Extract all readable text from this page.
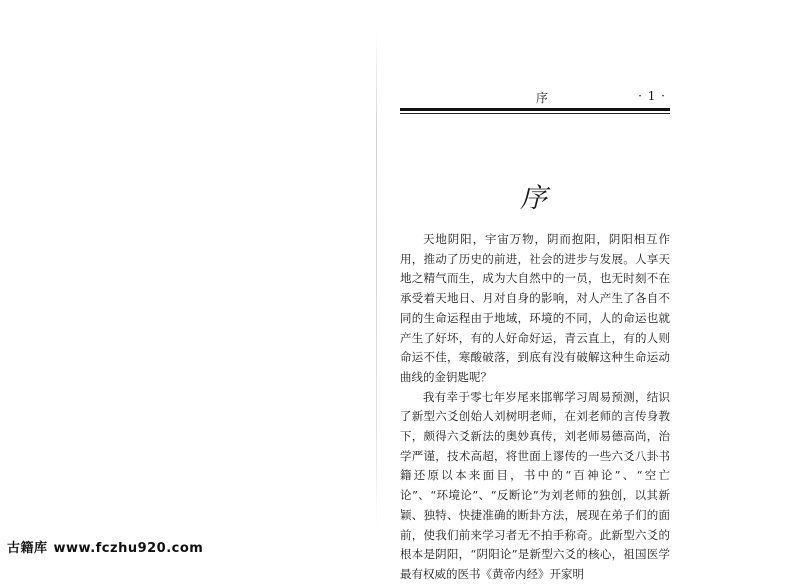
序	· 1 ·
序

天地阴阳，宇宙万物，阴而抱阳，阴阳相互作用，推动了历史的前进，社会的进步与发展。人享天地之精气而生，成为大自然中的一员，也无时刻不在承受着天地日、月对自身的影响，对人产生了各自不同的生命运程由于地域，环境的不同，人的命运也就产生了好坏，有的人好命好运，青云直上，有的人则命运不佳，寒酸破落，到底有没有破解这种生命运动曲线的金钥匙呢？

我有幸于零七年岁尾来邯郸学习周易预测，结识了新型六爻创始人刘树明老师，在刘老师的言传身教下，颇得六爻新法的奥妙真传，刘老师易德高尚，治学严谨，技术高超，将世面上谬传的一些六爻八卦书籍还原以本来面目，书中的“百神论”、“空亡论”、“环境论”、“反断论”为刘老师的独创，以其新颖、独特、快捷准确的断卦方法，展现在弟子们的面前，使我们前来学习者无不拍手称奇。此新型六爻的根本是阴阳，“阴阳论”是新型六爻的核心，祖国医学最有权威的医书《黄帝内经》开家明

古籍库 www.fczhu920.com
